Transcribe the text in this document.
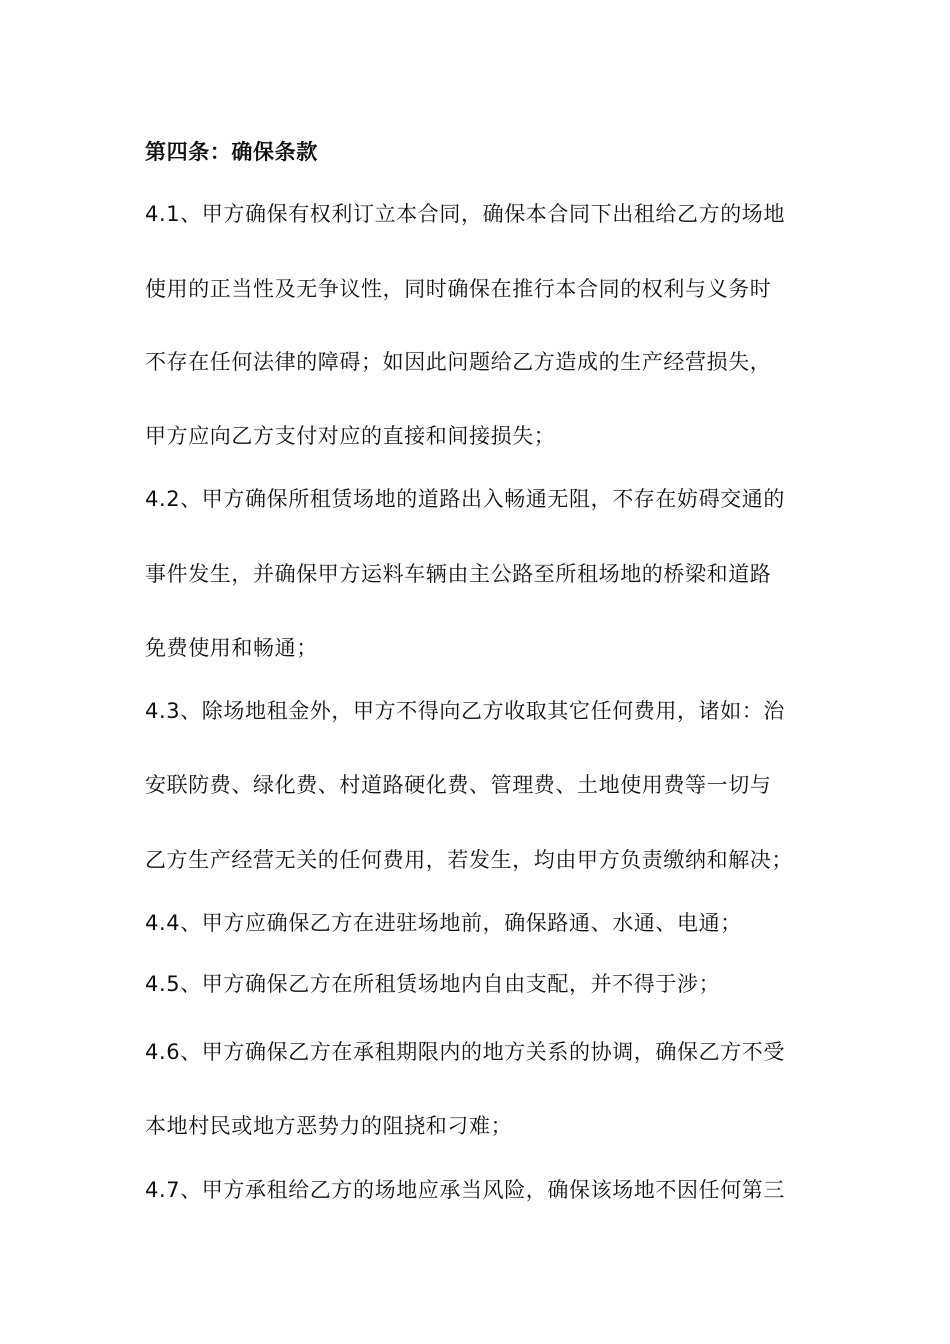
第四条：确保条款
4.1、甲方确保有权利订立本合同，确保本合同下出租给乙方的场地
使用的正当性及无争议性，同时确保在推行本合同的权利与义务时
不存在任何法律的障碍；如因此问题给乙方造成的生产经营损失，
甲方应向乙方支付对应的直接和间接损失；
4.2、甲方确保所租赁场地的道路出入畅通无阻，不存在妨碍交通的
事件发生，并确保甲方运料车辆由主公路至所租场地的桥梁和道路
免费使用和畅通；
4.3、除场地租金外，甲方不得向乙方收取其它任何费用，诸如：治
安联防费、绿化费、村道路硬化费、管理费、土地使用费等一切与
乙方生产经营无关的任何费用，若发生，均由甲方负责缴纳和解决；
4.4、甲方应确保乙方在进驻场地前，确保路通、水通、电通；
4.5、甲方确保乙方在所租赁场地内自由支配，并不得于涉；
4.6、甲方确保乙方在承租期限内的地方关系的协调，确保乙方不受
本地村民或地方恶势力的阻挠和刁难；
4.7、甲方承租给乙方的场地应承当风险，确保该场地不因任何第三
